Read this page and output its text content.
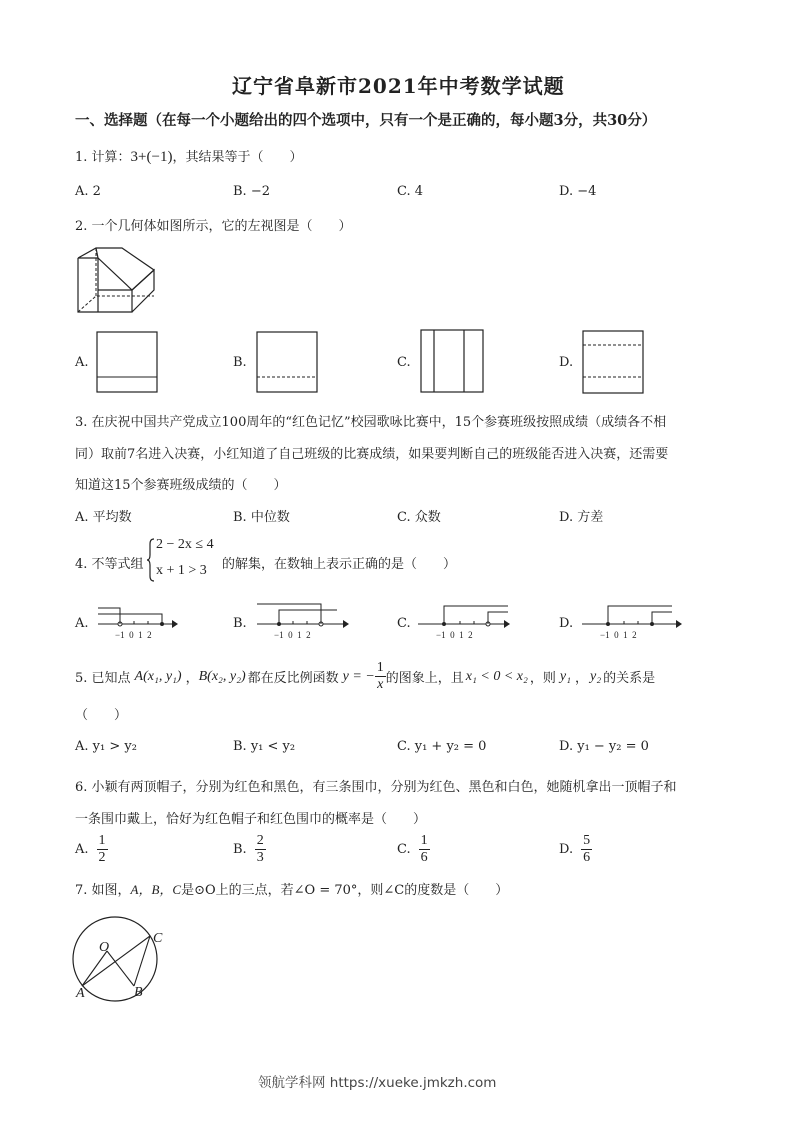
辽宁省阜新市2021年中考数学试题
一、选择题（在每一个小题给出的四个选项中，只有一个是正确的，每小题3分，共30分）
1. 计算：3+(−1)，其结果等于（　　）
A. 2	B. −2	C. 4	D. −4
2. 一个几何体如图所示，它的左视图是（　　）
A.	B.	C.	D.
3. 在庆祝中国共产党成立100周年的“红色记忆”校园歌咏比赛中，15个参赛班级按照成绩（成绩各不相
同）取前7名进入决赛，小红知道了自己班级的比赛成绩，如果要判断自己的班级能否进入决赛，还需要
知道这15个参赛班级成绩的（　　）
A. 平均数	B. 中位数	C. 众数	D. 方差
4. 不等式组
2 − 2x ≤ 4
x + 1 > 3 的解集，在数轴上表示正确的是（　　）
A.
−1 0 1 2
B.
−1 0 1 2
C.
−1 0 1 2
D.
−1 0 1 2
5. 已知点 A(x₁, y₁) ， B(x₂, y₂) 都在反比例函数 y = − $\frac{1}{x}$ 的图象上，且 x₁ < 0 < x₂ ，则 y₁ ， y₂ 的关系是
（　　）
A. y₁ > y₂	B. y₁ < y₂	C. y₁ + y₂ = 0	D. y₁ − y₂ = 0
6. 小颖有两顶帽子，分别为红色和黑色，有三条围巾，分别为红色、黑色和白色，她随机拿出一顶帽子和
一条围巾戴上，恰好为红色帽子和红色围巾的概率是（　　）
A. $\frac{1}{2}$	B. $\frac{2}{3}$	C. $\frac{1}{6}$	D. $\frac{5}{6}$
7. 如图，A，B，C是⊙O上的三点，若∠O = 70°，则∠C的度数是（　　）
O
C
A	B
领航学科网 https://xueke.jmkzh.com
